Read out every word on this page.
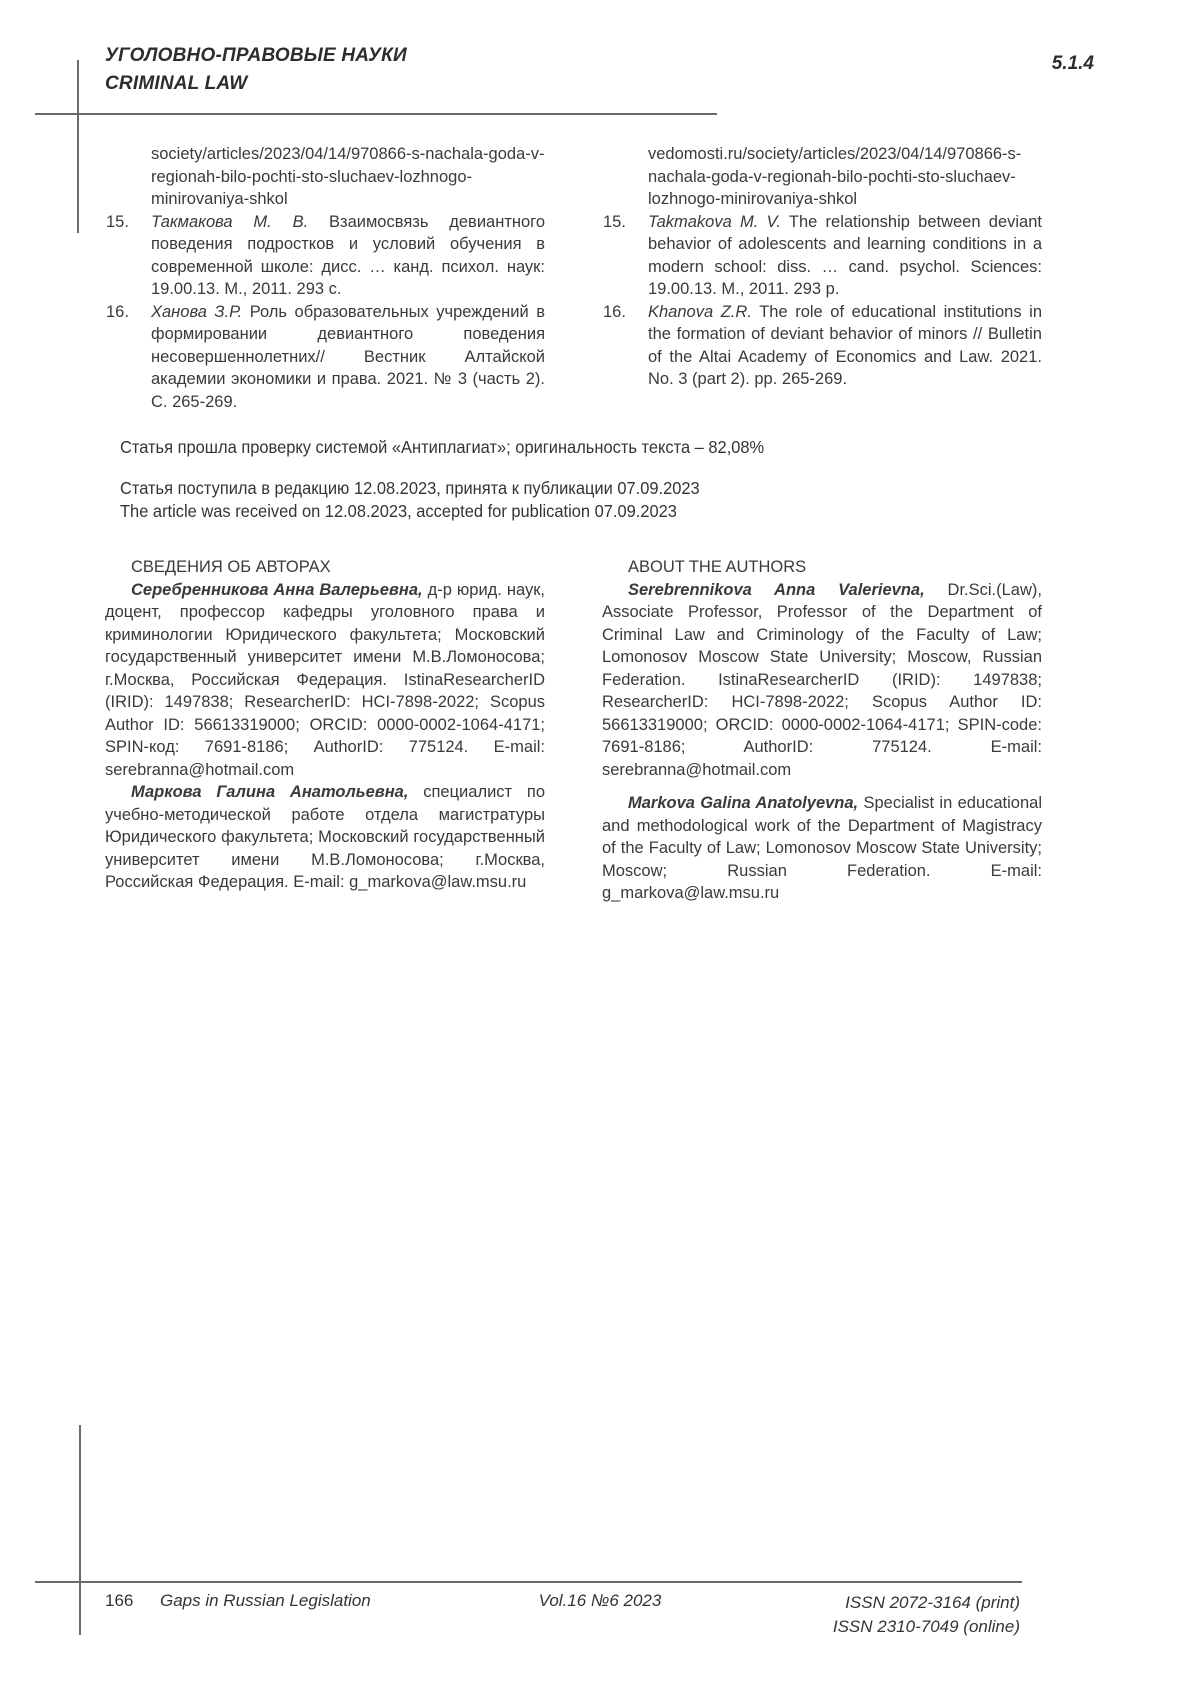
УГОЛОВНО-ПРАВОВЫЕ НАУКИ
CRIMINAL LAW
5.1.4
society/articles/2023/04/14/970866-s-nachala-goda-v-regionah-bilo-pochti-sto-sluchaev-lozhnogo-minirovaniya-shkol
15.	Такмакова М. В. Взаимосвязь девиантного поведения подростков и условий обучения в современной школе: дисс. … канд. психол. наук: 19.00.13. М., 2011. 293 с.
16.	Ханова З.Р. Роль образовательных учреждений в формировании девиантного поведения несовершеннолетних// Вестник Алтайской академии экономики и права. 2021. № 3 (часть 2). С. 265-269.
vedomosti.ru/society/articles/2023/04/14/970866-s-nachala-goda-v-regionah-bilo-pochti-sto-sluchaev-lozhnogo-minirovaniya-shkol
15.	Takmakova M. V. The relationship between deviant behavior of adolescents and learning conditions in a modern school: diss. … cand. psychol. Sciences: 19.00.13. M., 2011. 293 p.
16.	Khanova Z.R. The role of educational institutions in the formation of deviant behavior of minors // Bulletin of the Altai Academy of Economics and Law. 2021. No. 3 (part 2). pp. 265-269.
Статья прошла проверку системой «Антиплагиат»; оригинальность текста – 82,08%
Статья поступила в редакцию 12.08.2023, принята к публикации 07.09.2023
The article was received on 12.08.2023, accepted for publication 07.09.2023
СВЕДЕНИЯ ОБ АВТОРАХ

Серебренникова Анна Валерьевна, д-р юрид. наук, доцент, профессор кафедры уголовного права и криминологии Юридического факультета; Московский государственный университет имени М.В.Ломоносова; г.Москва, Российская Федерация. IstinaResearcherID (IRID): 1497838; ResearcherID: HCI-7898-2022; Scopus Author ID: 56613319000; ORCID: 0000-0002-1064-4171; SPIN-код: 7691-8186; AuthorID: 775124. E-mail: serebranna@hotmail.com

Маркова Галина Анатольевна, специалист по учебно-методической работе отдела магистратуры Юридического факультета; Московский государственный университет имени М.В.Ломоносова; г.Москва, Российская Федерация. E-mail: g_markova@law.msu.ru

ABOUT THE AUTHORS

Serebrennikova Anna Valerievna, Dr.Sci.(Law), Associate Professor, Professor of the Department of Criminal Law and Criminology of the Faculty of Law; Lomonosov Moscow State University; Moscow, Russian Federation. IstinaResearcherID (IRID): 1497838; ResearcherID: HCI-7898-2022; Scopus Author ID: 56613319000; ORCID: 0000-0002-1064-4171; SPIN-code: 7691-8186; AuthorID: 775124. E-mail: serebranna@hotmail.com

Markova Galina Anatolyevna, Specialist in educational and methodological work of the Department of Magistracy of the Faculty of Law; Lomonosov Moscow State University; Moscow; Russian Federation. E-mail: g_markova@law.msu.ru

166 Gaps in Russian Legislation	Vol.16 №6 2023	ISSN 2072-3164 (print)
ISSN 2310-7049 (online)
